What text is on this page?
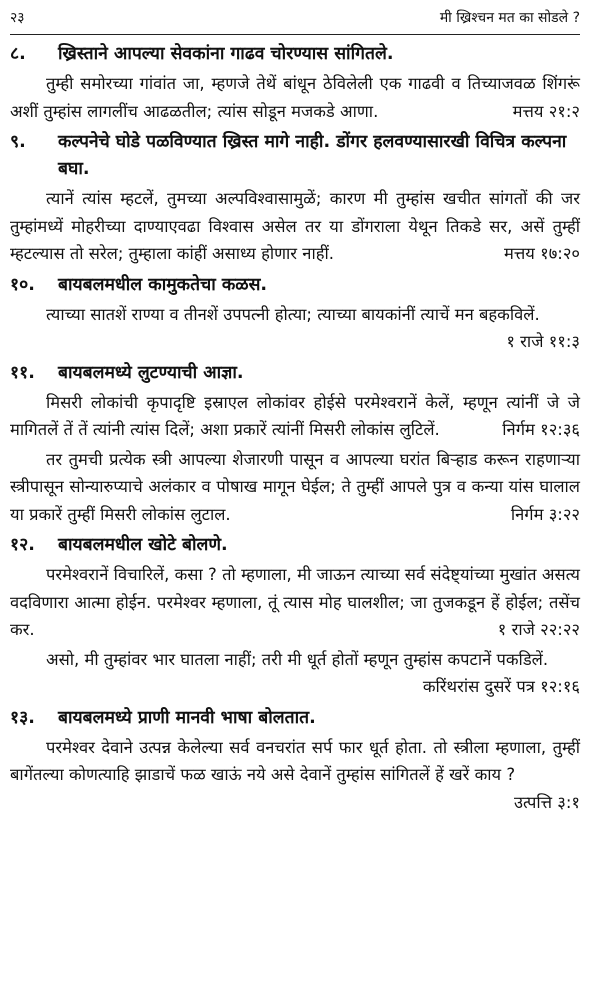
२३	मी ख्रिश्चन मत का सोडले ?
८.	ख्रिस्ताने आपल्या सेवकांना गाढव चोरण्यास सांगितले.

तुम्ही समोरच्या गांवांत जा, म्हणजे तेथें बांधून ठेविलेली एक गाढवी व तिच्याजवळ शिंगरूं अशीं तुम्हांस लागलींच आढळतील; त्यांस सोडून मजकडे आणा.	मत्तय २१:२

९.	कल्पनेचे घोडे पळविण्यात ख्रिस्त मागे नाही. डोंगर हलवण्यासारखी विचित्र कल्पना बघा.

त्यानें त्यांस म्हटलें, तुमच्या अल्पविश्वासामुळें; कारण मी तुम्हांस खचीत सांगतों की जर तुम्हांमध्यें मोहरीच्या दाण्याएवढा विश्वास असेल तर या डोंगराला येथून तिकडे सर, असें तुम्हीं म्हटल्यास तो सरेल; तुम्हाला कांहीं असाध्य होणार नाहीं.	मत्तय १७:२०

१०.	बायबलमधील कामुकतेचा कळस.

त्याच्या सातशें राण्या व तीनशें उपपत्नी होत्या; त्याच्या बायकांनीं त्याचें मन बहकविलें.
१ राजे ११:३

११.	बायबलमध्ये लुटण्याची आज्ञा.

मिसरी लोकांची कृपादृष्टि इस्राएल लोकांवर होईसे परमेश्वरानें केलें, म्हणून त्यांनीं जे जे मागितलें तें तें त्यांनी त्यांस दिलें; अशा प्रकारें त्यांनीं मिसरी लोकांस लुटिलें.	निर्गम १२:३६

तर तुमची प्रत्येक स्त्री आपल्या शेजारणी पासून व आपल्या घरांत बिऱ्हाड करून राहणाऱ्या स्त्रीपासून सोन्यारुप्याचे अलंकार व पोषाख मागून घेईल; ते तुम्हीं आपले पुत्र व कन्या यांस घालाल या प्रकारें तुम्हीं मिसरी लोकांस लुटाल.	निर्गम ३:२२

१२.	बायबलमधील खोटे बोलणे.

परमेश्वरानें विचारिलें, कसा ? तो म्हणाला, मी जाऊन त्याच्या सर्व संदेष्ट्यांच्या मुखांत असत्य वदविणारा आत्मा होईन. परमेश्वर म्हणाला, तूं त्यास मोह घालशील; जा तुजकडून हें होईल; तसेंच कर.	१ राजे २२:२२

असो, मी तुम्हांवर भार घातला नाहीं; तरी मी धूर्त होतों म्हणून तुम्हांस कपटानें पकडिलें.
करिंथरांस दुसरें पत्र १२:१६

१३.	बायबलमध्ये प्राणी मानवी भाषा बोलतात.

परमेश्वर देवाने उत्पन्न केलेल्या सर्व वनचरांत सर्प फार धूर्त होता. तो स्त्रीला म्हणाला, तुम्हीं बागेंतल्या कोणत्याहि झाडाचें फळ खाऊं नये असे देवानें तुम्हांस सांगितलें हें खरें काय ?
उत्पत्ति ३:१
